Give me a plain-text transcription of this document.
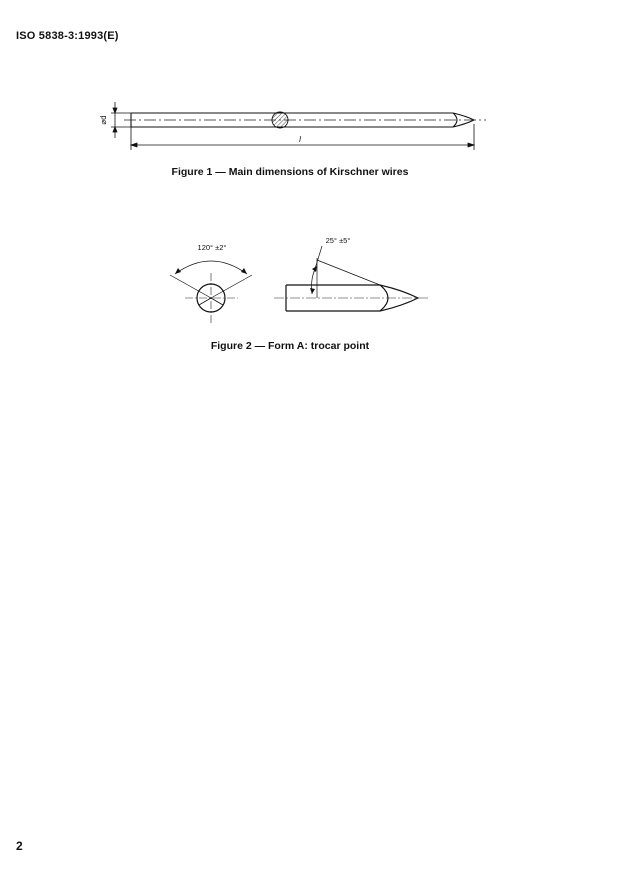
ISO 5838-3:1993(E)
⌀d
l
Figure 1 — Main dimensions of Kirschner wires
120° ±2°
25° ±5°
Figure 2 — Form A: trocar point
2
